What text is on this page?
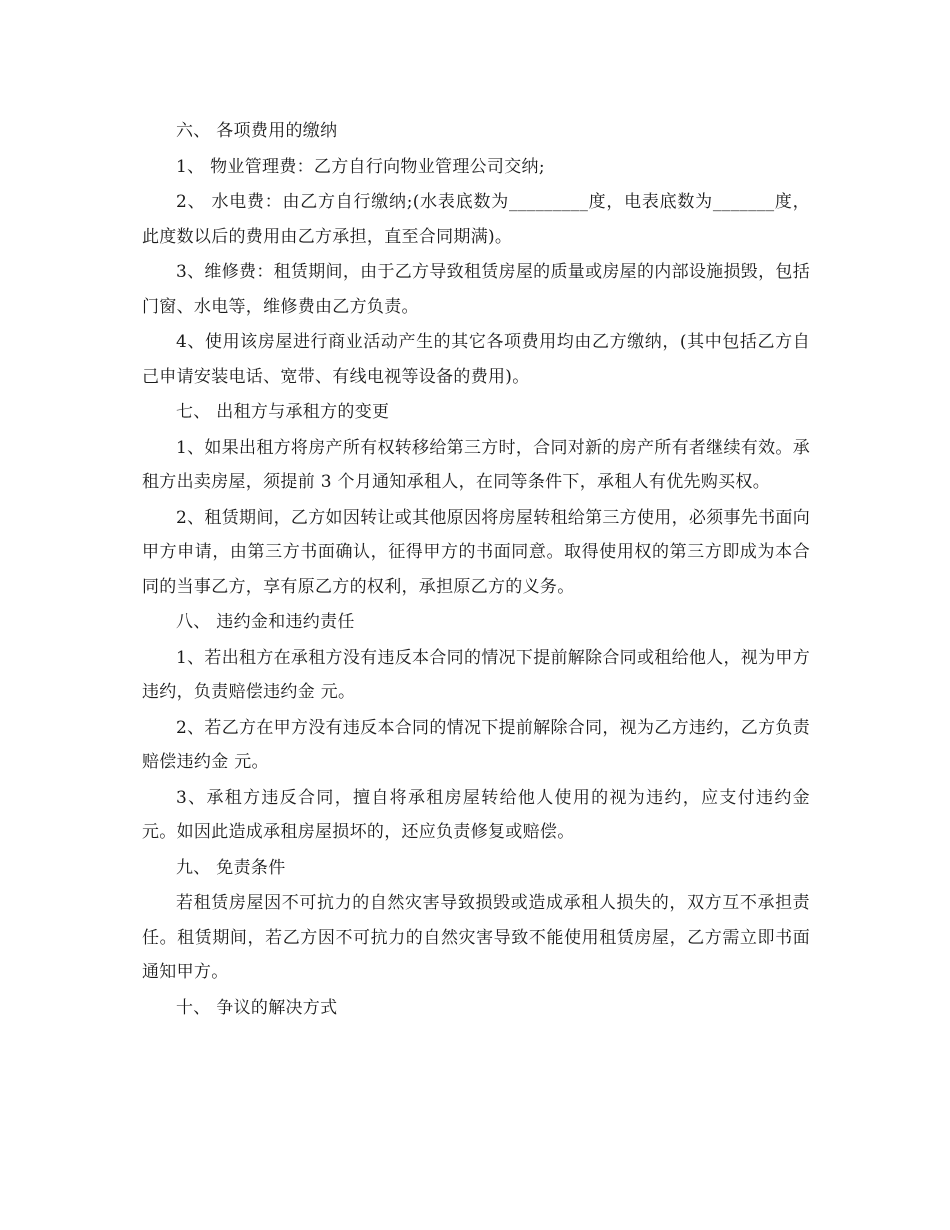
六、 各项费用的缴纳

1、 物业管理费：乙方自行向物业管理公司交纳;

2、 水电费：由乙方自行缴纳;(水表底数为_________度，电表底数为_______度，此度数以后的费用由乙方承担，直至合同期满)。

3、维修费：租赁期间，由于乙方导致租赁房屋的质量或房屋的内部设施损毁，包括门窗、水电等，维修费由乙方负责。

4、使用该房屋进行商业活动产生的其它各项费用均由乙方缴纳，(其中包括乙方自己申请安装电话、宽带、有线电视等设备的费用)。

七、 出租方与承租方的变更

1、如果出租方将房产所有权转移给第三方时，合同对新的房产所有者继续有效。承租方出卖房屋，须提前 3 个月通知承租人，在同等条件下，承租人有优先购买权。

2、租赁期间，乙方如因转让或其他原因将房屋转租给第三方使用，必须事先书面向甲方申请，由第三方书面确认，征得甲方的书面同意。取得使用权的第三方即成为本合同的当事乙方，享有原乙方的权利，承担原乙方的义务。

八、 违约金和违约责任

1、若出租方在承租方没有违反本合同的情况下提前解除合同或租给他人，视为甲方违约，负责赔偿违约金 元。

2、若乙方在甲方没有违反本合同的情况下提前解除合同，视为乙方违约，乙方负责赔偿违约金 元。

3、承租方违反合同，擅自将承租房屋转给他人使用的视为违约，应支付违约金 元。如因此造成承租房屋损坏的，还应负责修复或赔偿。

九、 免责条件

若租赁房屋因不可抗力的自然灾害导致损毁或造成承租人损失的，双方互不承担责任。租赁期间，若乙方因不可抗力的自然灾害导致不能使用租赁房屋，乙方需立即书面通知甲方。

十、 争议的解决方式
